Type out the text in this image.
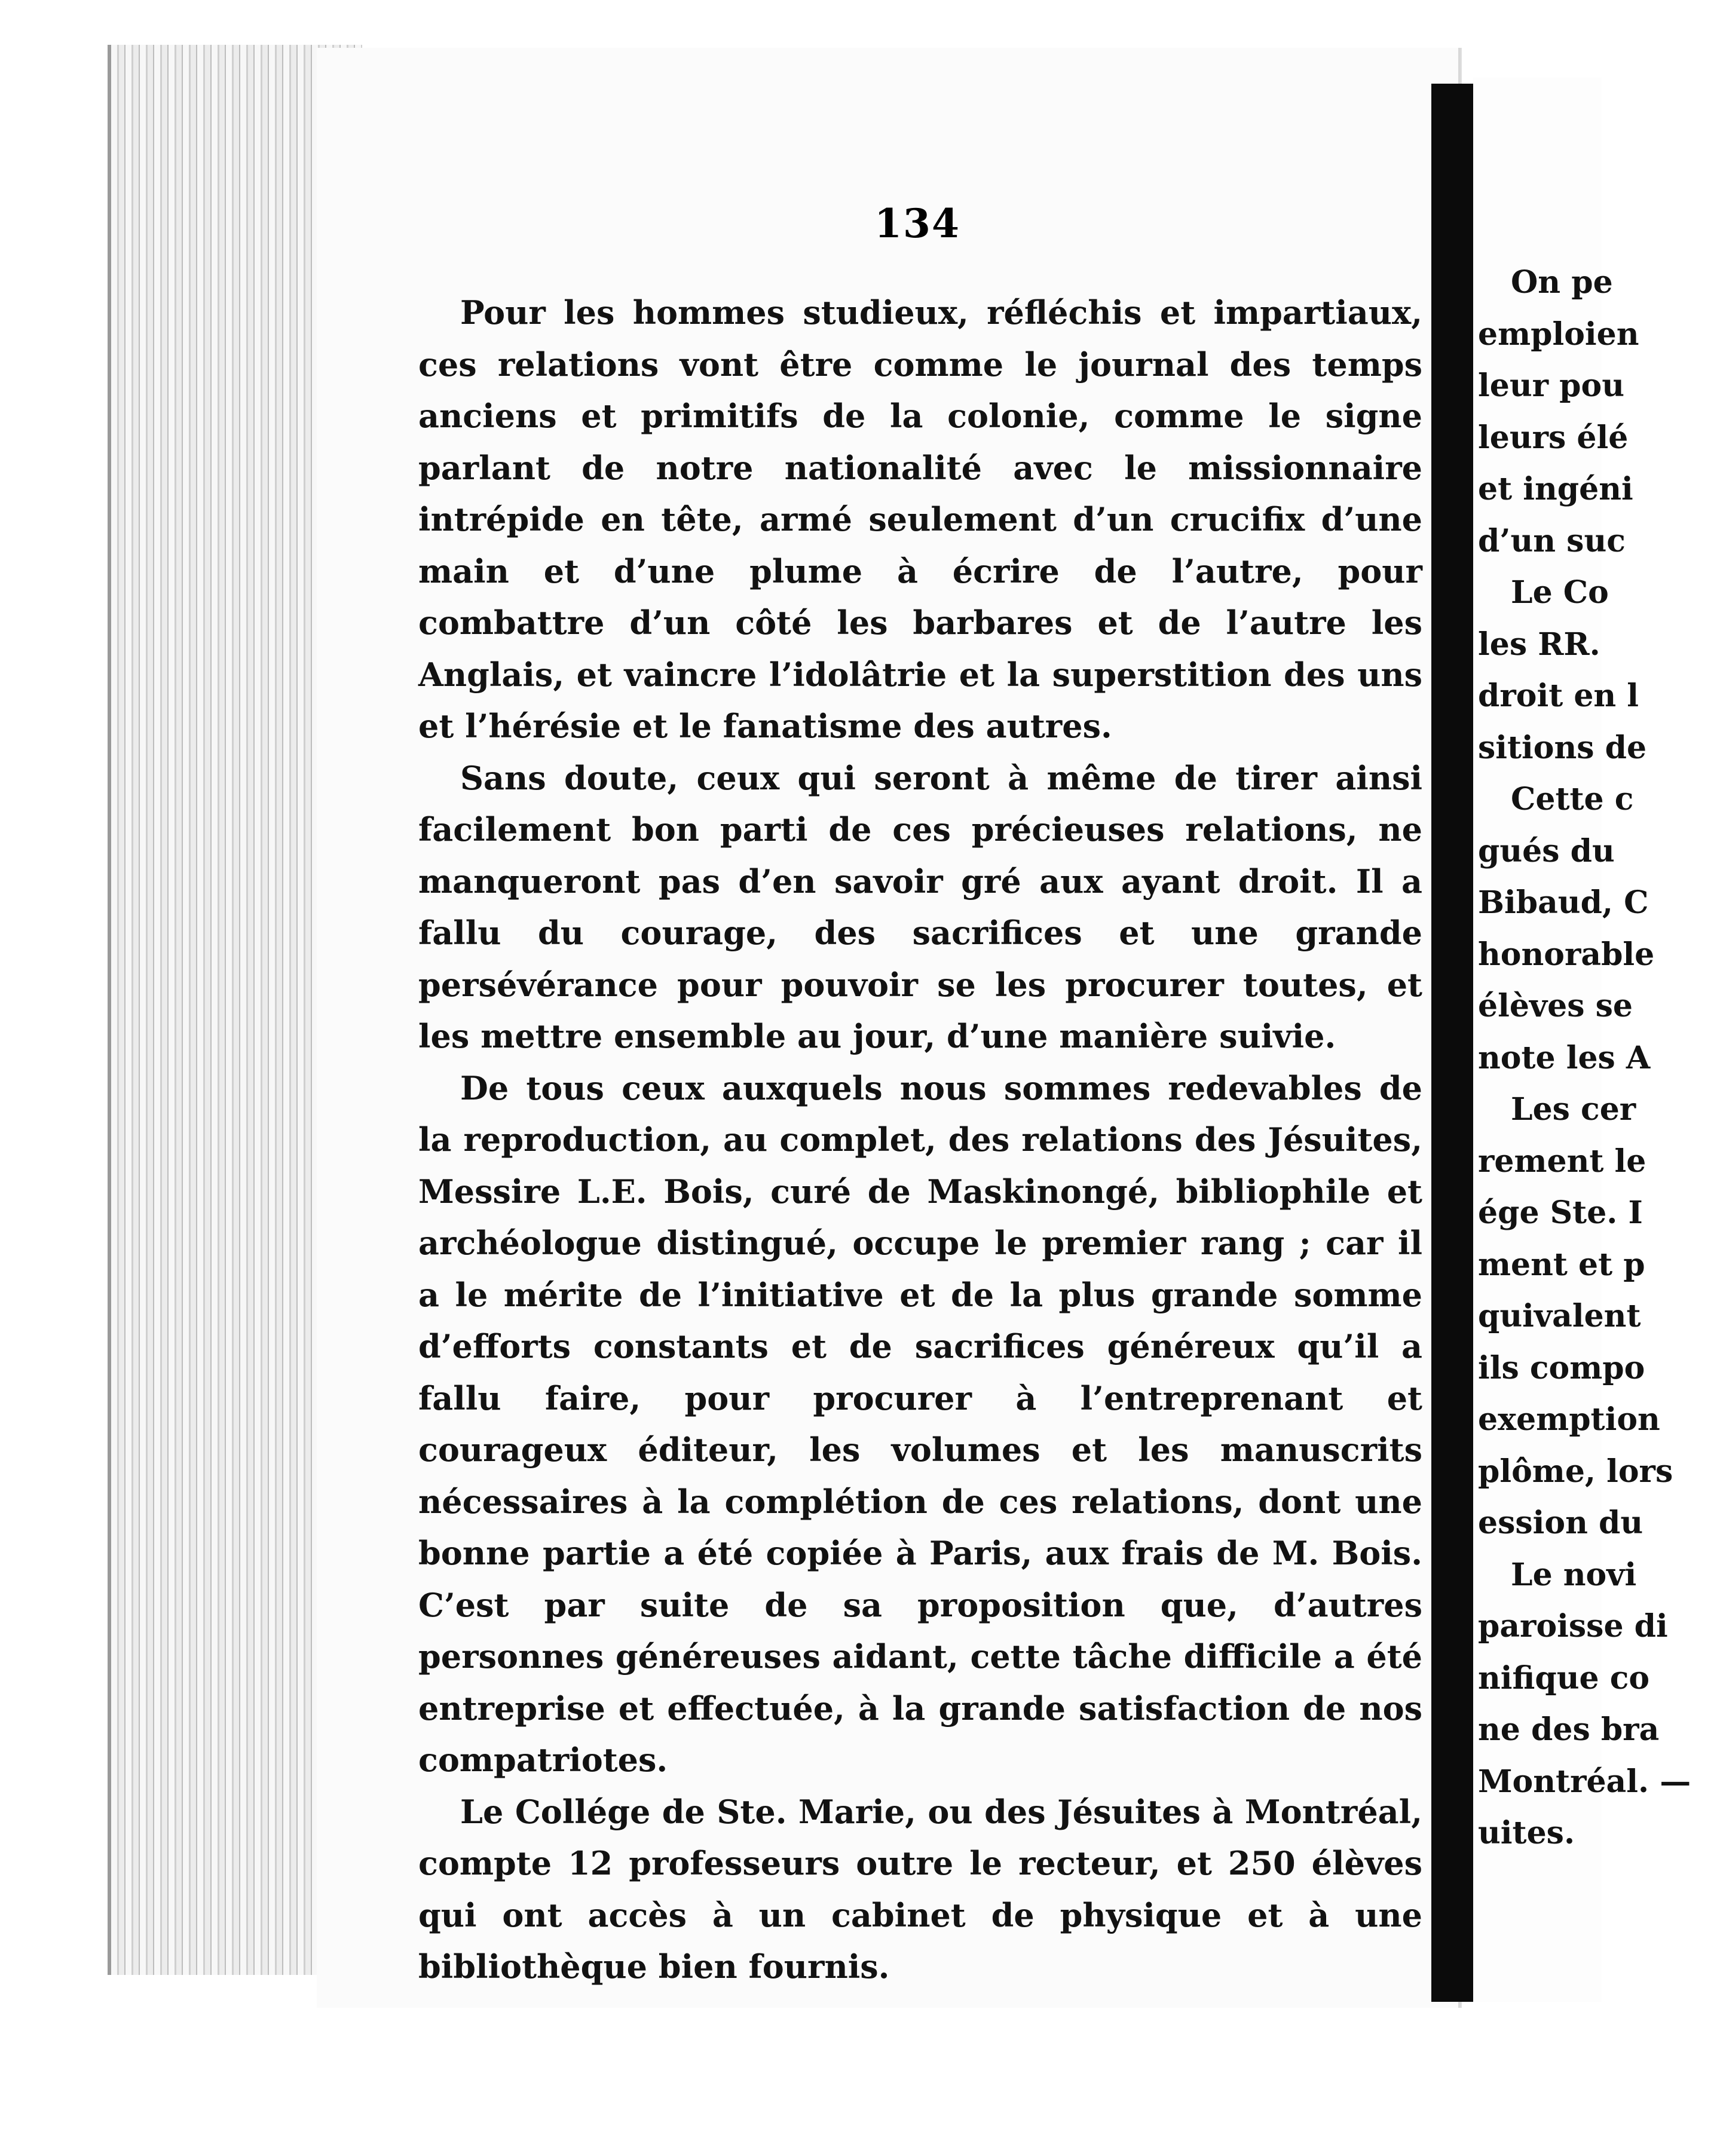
134

Pour les hommes studieux, réfléchis et impartiaux, ces relations vont être comme le journal des temps anciens et primitifs de la colonie, comme le signe parlant de notre nationalité avec le missionnaire intrépide en tête, armé seulement d’un crucifix d’une main et d’une plume à écrire de l’autre, pour combattre d’un côté les barbares et de l’autre les Anglais, et vaincre l’idolâtrie et la superstition des uns et l’hérésie et le fanatisme des autres.

Sans doute, ceux qui seront à même de tirer ainsi facilement bon parti de ces précieuses relations, ne manqueront pas d’en savoir gré aux ayant droit. Il a fallu du courage, des sacrifices et une grande persévérance pour pouvoir se les procurer toutes, et les mettre ensemble au jour, d’une manière suivie.

De tous ceux auxquels nous sommes redevables de la reproduction, au complet, des relations des Jésuites, Messire L.E. Bois, curé de Maskinongé, bibliophile et archéologue distingué, occupe le premier rang ; car il a le mérite de l’initiative et de la plus grande somme d’efforts constants et de sacrifices généreux qu’il a fallu faire, pour procurer à l’entreprenant et courageux éditeur, les volumes et les manuscrits nécessaires à la complétion de ces relations, dont une bonne partie a été copiée à Paris, aux frais de M. Bois. C’est par suite de sa proposition que, d’autres personnes généreuses aidant, cette tâche difficile a été entreprise et effectuée, à la grande satisfaction de nos compatriotes.

Le Collége de Ste. Marie, ou des Jésuites à Montréal, compte 12 professeurs outre le recteur, et 250 élèves qui ont accès à un cabinet de physique et à une bibliothèque bien fournis.

On pe
emploien
leur pou
leurs élé
et ingéni
d’un suc
Le Co
les RR.
droit en l
sitions de
Cette c
gués du
Bibaud, C
honorable
élèves se
note les A
Les cer
rement le
ége Ste. I
ment et p
quivalent
ils compo
exemption
plôme, lors
ession du
Le novi
paroisse di
nifique co
ne des bra
Montréal. —
uites.
